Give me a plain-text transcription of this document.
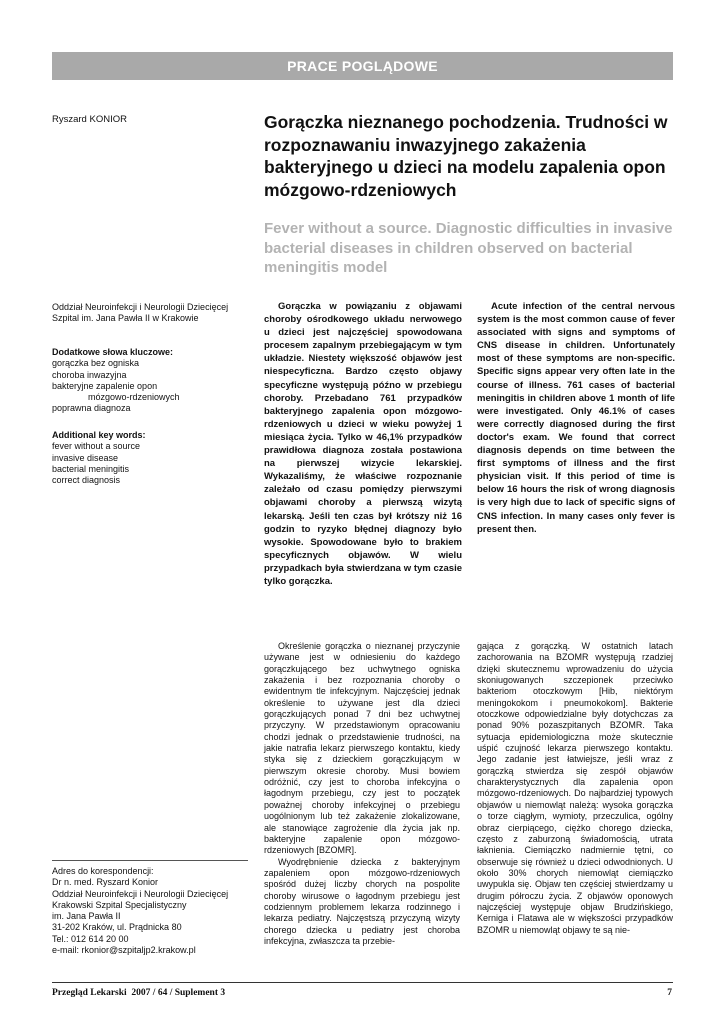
PRACE POGLĄDOWE
Ryszard KONIOR	Gorączka nieznanego pochodzenia. Trudności w rozpoznawaniu inwazyjnego zakażenia bakteryjnego u dzieci na modelu zapalenia opon mózgowo-rdzeniowych
Fever without a source. Diagnostic difficulties in invasive bacterial diseases in children observed on bacterial meningitis model
Oddział Neuroinfekcji i Neurologii Dziecięcej
Szpital im. Jana Pawła II w Krakowie
Dodatkowe słowa kluczowe:
gorączka bez ogniska
choroba inwazyjna
bakteryjne zapalenie opon
mózgowo-rdzeniowych
poprawna diagnoza
Additional key words:
fever without a source
invasive disease
bacterial meningitis
correct diagnosis

Gorączka w powiązaniu z objawami choroby ośrodkowego układu nerwowego u dzieci jest najczęściej spowodowana procesem zapalnym przebiegającym w tym układzie. Niestety większość objawów jest niespecyficzna. Bardzo często objawy specyficzne występują późno w przebiegu choroby. Przebadano 761 przypadków bakteryjnego zapalenia opon mózgowo-rdzeniowych u dzieci w wieku powyżej 1 miesiąca życia. Tylko w 46,1% przypadków prawidłowa diagnoza została postawiona na pierwszej wizycie lekarskiej. Wykazaliśmy, że właściwe rozpoznanie zależało od czasu pomiędzy pierwszymi objawami choroby a pierwszą wizytą lekarską. Jeśli ten czas był krótszy niż 16 godzin to ryzyko błędnej diagnozy było wysokie. Spowodowane było to brakiem specyficznych objawów. W wielu przypadkach była stwierdzana w tym czasie tylko gorączka.

Acute infection of the central nervous system is the most common cause of fever associated with signs and symptoms of CNS disease in children. Unfortunately most of these symptoms are non-specific. Specific signs appear very often late in the course of illness. 761 cases of bacterial meningitis in children above 1 month of life were investigated. Only 46.1% of cases were correctly diagnosed during the first doctor's exam. We found that correct diagnosis depends on time between the first symptoms of illness and the first physician visit. If this period of time is below 16 hours the risk of wrong diagnosis is very high due to lack of specific signs of CNS infection. In many cases only fever is present then.

Określenie gorączka o nieznanej przyczynie używane jest w odniesieniu do każdego gorączkującego bez uchwytnego ogniska zakażenia i bez rozpoznania choroby o ewidentnym tle infekcyjnym. Najczęściej jednak określenie to używane jest dla dzieci gorączkujących ponad 7 dni bez uchwytnej przyczyny. W przedstawionym opracowaniu chodzi jednak o przedstawienie trudności, na jakie natrafia lekarz pierwszego kontaktu, kiedy styka się z dzieckiem gorączkującym w pierwszym okresie choroby. Musi bowiem odróżnić, czy jest to choroba infekcyjna o łagodnym przebiegu, czy jest to początek poważnej choroby infekcyjnej o przebiegu uogólnionym lub też zakażenie zlokalizowane, ale stanowiące zagrożenie dla życia jak np. bakteryjne zapalenie opon mózgowo-rdzeniowych [BZOMR].

Wyodrębnienie dziecka z bakteryjnym zapaleniem opon mózgowo-rdzeniowych spośród dużej liczby chorych na pospolite choroby wirusowe o łagodnym przebiegu jest codziennym problemem lekarza rodzinnego i lekarza pediatry. Najczęstszą przyczyną wizyty chorego dziecka u pediatry jest choroba infekcyjna, zwłaszcza ta przebie-

gająca z gorączką. W ostatnich latach zachorowania na BZOMR występują rzadziej dzięki skutecznemu wprowadzeniu do użycia skoniugowanych szczepionek przeciwko bakteriom otoczkowym [Hib, niektórym meningokokom i pneumokokom]. Bakterie otoczkowe odpowiedzialne były dotychczas za ponad 90% pozaszpitanych BZOMR. Taka sytuacja epidemiologiczna może skutecznie uśpić czujność lekarza pierwszego kontaktu. Jego zadanie jest łatwiejsze, jeśli wraz z gorączką stwierdza się zespół objawów charakterystycznych dla zapalenia opon mózgowo-rdzeniowych. Do najbardziej typowych objawów u niemowląt należą: wysoka gorączka o torze ciągłym, wymioty, przeczulica, ogólny obraz cierpiącego, ciężko chorego dziecka, często z zaburzoną świadomością, utrata łaknienia. Ciemiączko nadmiernie tętni, co obserwuje się również u dzieci odwodnionych. U około 30% chorych niemowląt ciemiączko uwypukla się. Objaw ten częściej stwierdzamy u drugim półroczu życia. Z objawów oponowych najczęściej występuje objaw Brudzińskiego, Kerniga i Flatawa ale w większości przypadków BZOMR u niemowląt objawy te są nie-

Adres do korespondencji:
Dr n. med. Ryszard Konior
Oddział Neuroinfekcji i Neurologii Dziecięcej
Krakowski Szpital Specjalistyczny
im. Jana Pawła II
31-202 Kraków, ul. Prądnicka 80
Tel.: 012 614 20 00
e-mail: rkonior@szpitaljp2.krakow.pl
Przegląd Lekarski  2007 / 64 / Suplement 3	7
